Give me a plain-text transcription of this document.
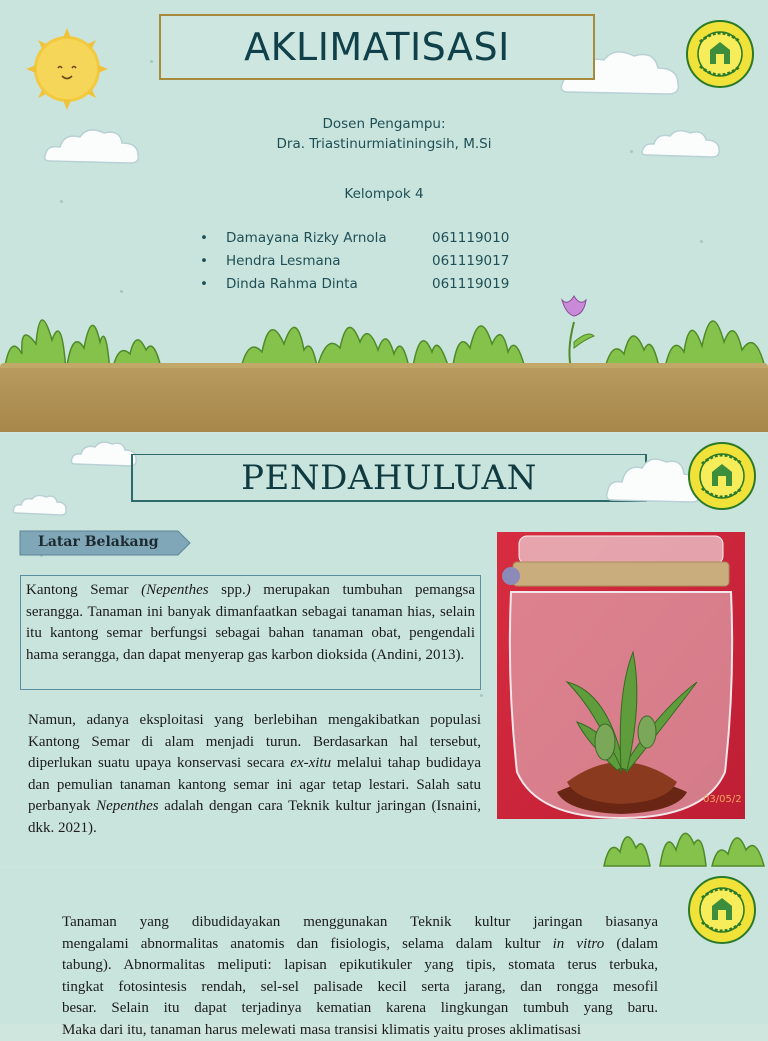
AKLIMATISASI
Dosen Pengampu:
Dra. Triastinurmiatiningsih, M.Si
Kelompok 4
•	Damayana Rizky Arnola	061119010
•	Hendra Lesmana	061119017
•	Dinda Rahma Dinta	061119019
PENDAHULUAN
Latar Belakang
Kantong Semar (Nepenthes spp.) merupakan tumbuhan pemangsa serangga. Tanaman ini banyak dimanfaatkan sebagai tanaman hias, selain itu kantong semar berfungsi sebagai bahan tanaman obat, pengendali hama serangga, dan dapat menyerap gas karbon dioksida (Andini, 2013).
Namun, adanya eksploitasi yang berlebihan mengakibatkan populasi Kantong Semar di alam menjadi turun. Berdasarkan hal tersebut, diperlukan suatu upaya konservasi secara ex-xitu melalui tahap budidaya dan pemulian tanaman kantong semar ini agar tetap lestari. Salah satu perbanyak Nepenthes adalah dengan cara Teknik kultur jaringan (Isnaini, dkk. 2021).
03/05/2

Tanaman yang dibudidayakan menggunakan Teknik kultur jaringan biasanya

mengalami abnormalitas anatomis dan fisiologis, selama dalam kultur in vitro (dalam

tabung). Abnormalitas meliputi: lapisan epikutikuler yang tipis, stomata terus terbuka,

tingkat fotosintesis rendah, sel-sel palisade kecil serta jarang, dan rongga mesofil

besar. Selain itu dapat terjadinya kematian karena lingkungan tumbuh yang baru.

Maka dari itu, tanaman harus melewati masa transisi klimatis yaitu proses aklimatisasi
